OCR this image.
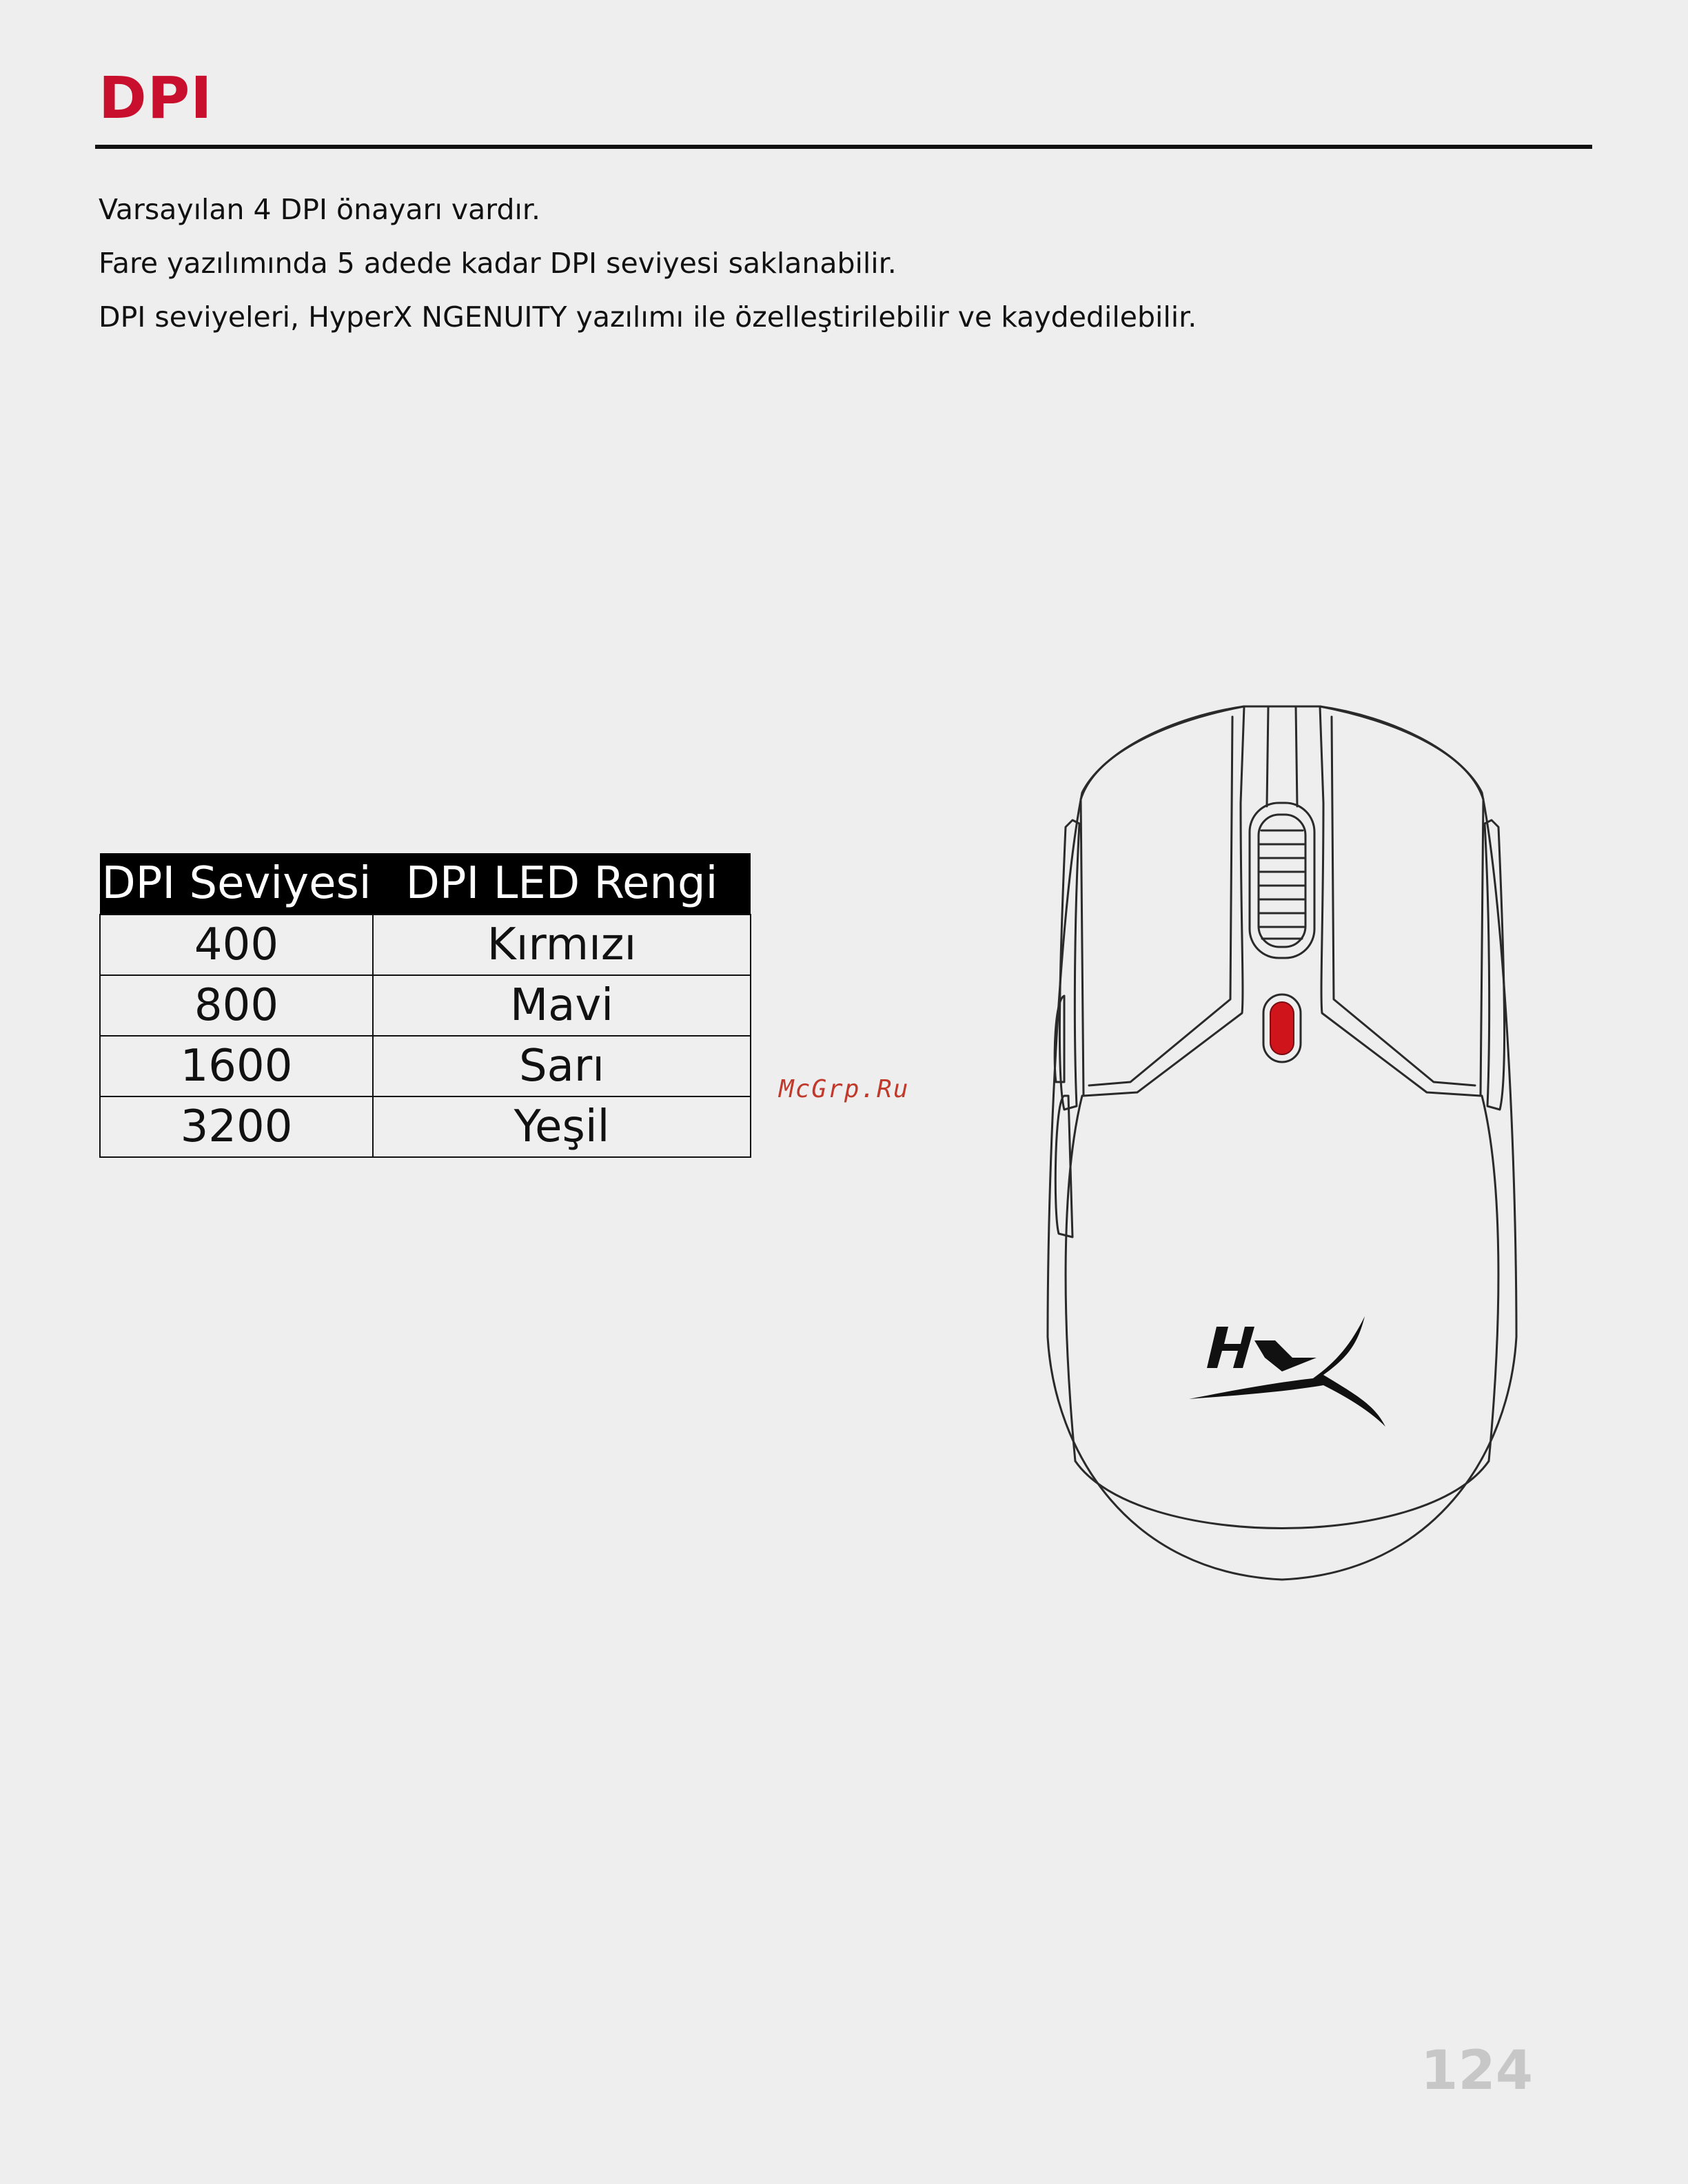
DPI
Varsayılan 4 DPI önayarı vardır.
Fare yazılımında 5 adede kadar DPI seviyesi saklanabilir.
DPI seviyeleri, HyperX NGENUITY yazılımı ile özelleştirilebilir ve kaydedilebilir.
DPI Seviyesi	DPI LED Rengi
400	Kırmızı
800	Mavi
1600	Sarı
3200	Yeşil
McGrp.Ru
124
